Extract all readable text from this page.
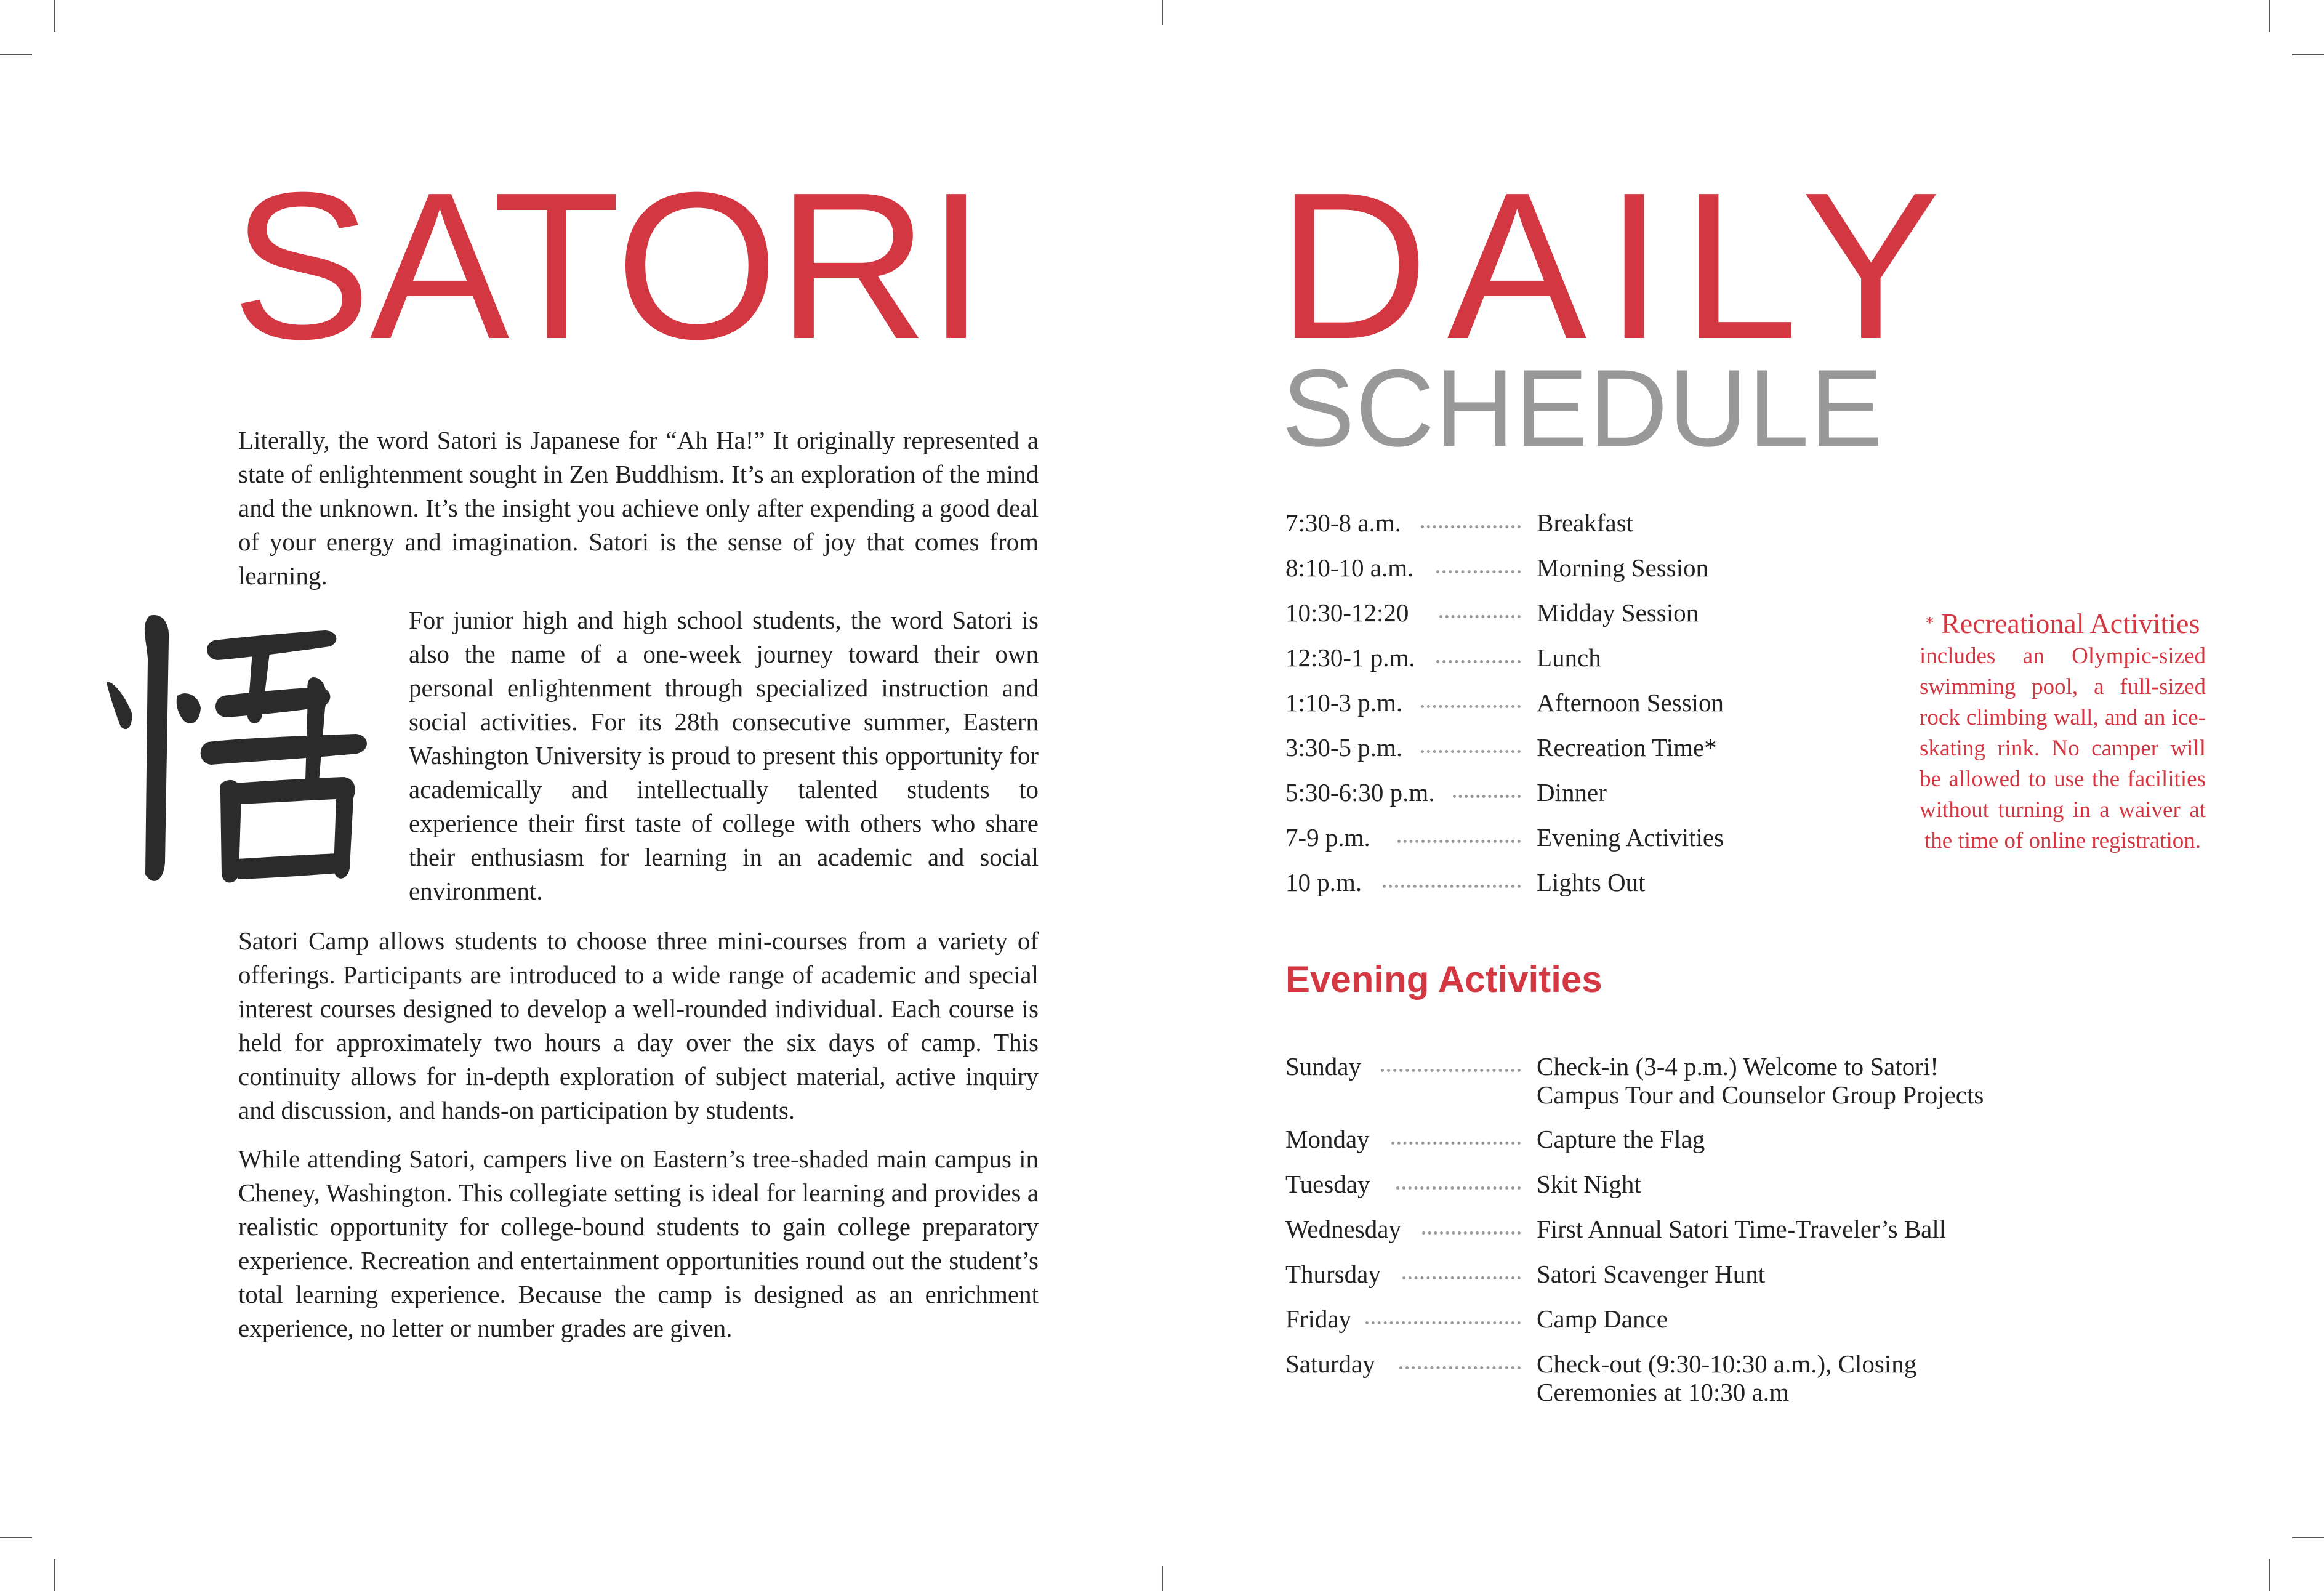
SATORI

Literally, the word Satori is Japanese for “Ah Ha!” It originally represented a state of enlightenment sought in Zen Buddhism. It’s an exploration of the mind and the unknown. It’s the insight you achieve only after expending a good deal of your energy and imagination. Satori is the sense of joy that comes from learning.

For junior high and high school students, the word Satori is also the name of a one-week journey toward their own personal enlightenment through specialized instruction and social activities. For its 28th consecutive summer, Eastern Washington University is proud to present this opportunity for academically and intellectually talented students to experience their first taste of college with others who share their enthusiasm for learning in an academic and social environment.

Satori Camp allows students to choose three mini-courses from a variety of offerings. Participants are introduced to a wide range of academic and special interest courses designed to develop a well-rounded individual. Each course is held for approximately two hours a day over the six days of camp. This continuity allows for in-depth exploration of subject material, active inquiry and discussion, and hands-on participation by students.

While attending Satori, campers live on Eastern’s tree-shaded main campus in Cheney, Washington. This collegiate setting is ideal for learning and provides a realistic opportunity for college-bound students to gain college preparatory experience. Recreation and entertainment opportunities round out the student’s total learning experience. Because the camp is designed as an enrichment experience, no letter or number grades are given.

DAILY
SCHEDULE
7:30-8 a.m.	Breakfast
8:10-10 a.m.	Morning Session
10:30-12:20	Midday Session
12:30-1 p.m.	Lunch
1:10-3 p.m.	Afternoon Session
3:30-5 p.m.	Recreation Time*
5:30-6:30 p.m.	Dinner
7-9 p.m.	Evening Activities
10 p.m.	Lights Out
* Recreational Activities
includes an Olympic-sized swimming pool, a full-sized rock climbing wall, and an ice-skating rink. No camper will be allowed to use the facilities without turning in a waiver at the time of online registration.
Evening Activities
Sunday	Check-in (3-4 p.m.) Welcome to Satori!
Campus Tour and Counselor Group Projects
Monday	Capture the Flag
Tuesday	Skit Night
Wednesday	First Annual Satori Time-Traveler’s Ball
Thursday	Satori Scavenger Hunt
Friday	Camp Dance
Saturday	Check-out (9:30-10:30 a.m.), Closing
Ceremonies at 10:30 a.m
